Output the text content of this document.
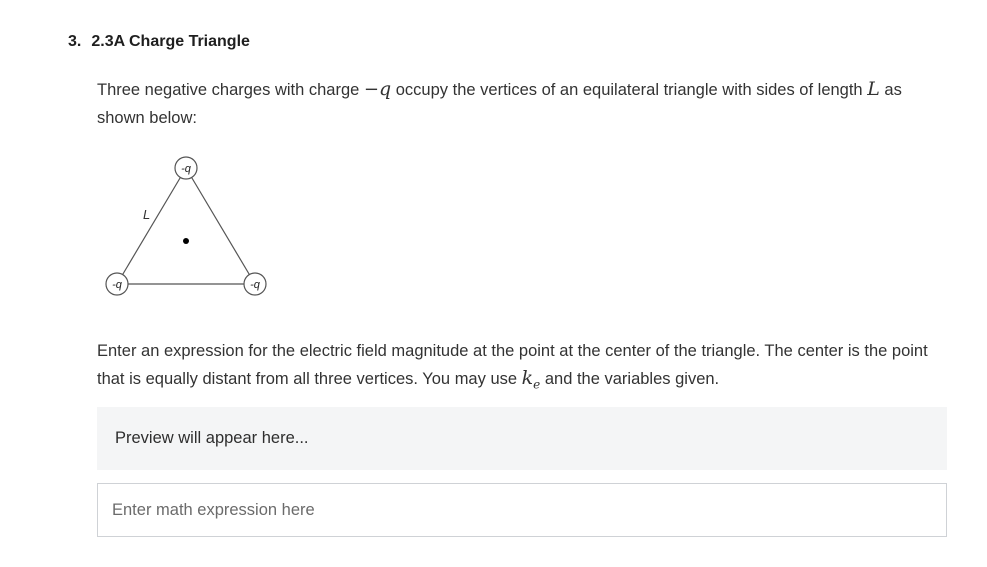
3. 2.3A Charge Triangle
Three negative charges with charge −q occupy the vertices of an equilateral triangle with sides of length L as shown below:
L
-q
-q	-q
Enter an expression for the electric field magnitude at the point at the center of the triangle. The center is the point that is equally distant from all three vertices. You may use $k_e$ and the variables given.
Preview will appear here...
Enter math expression here
